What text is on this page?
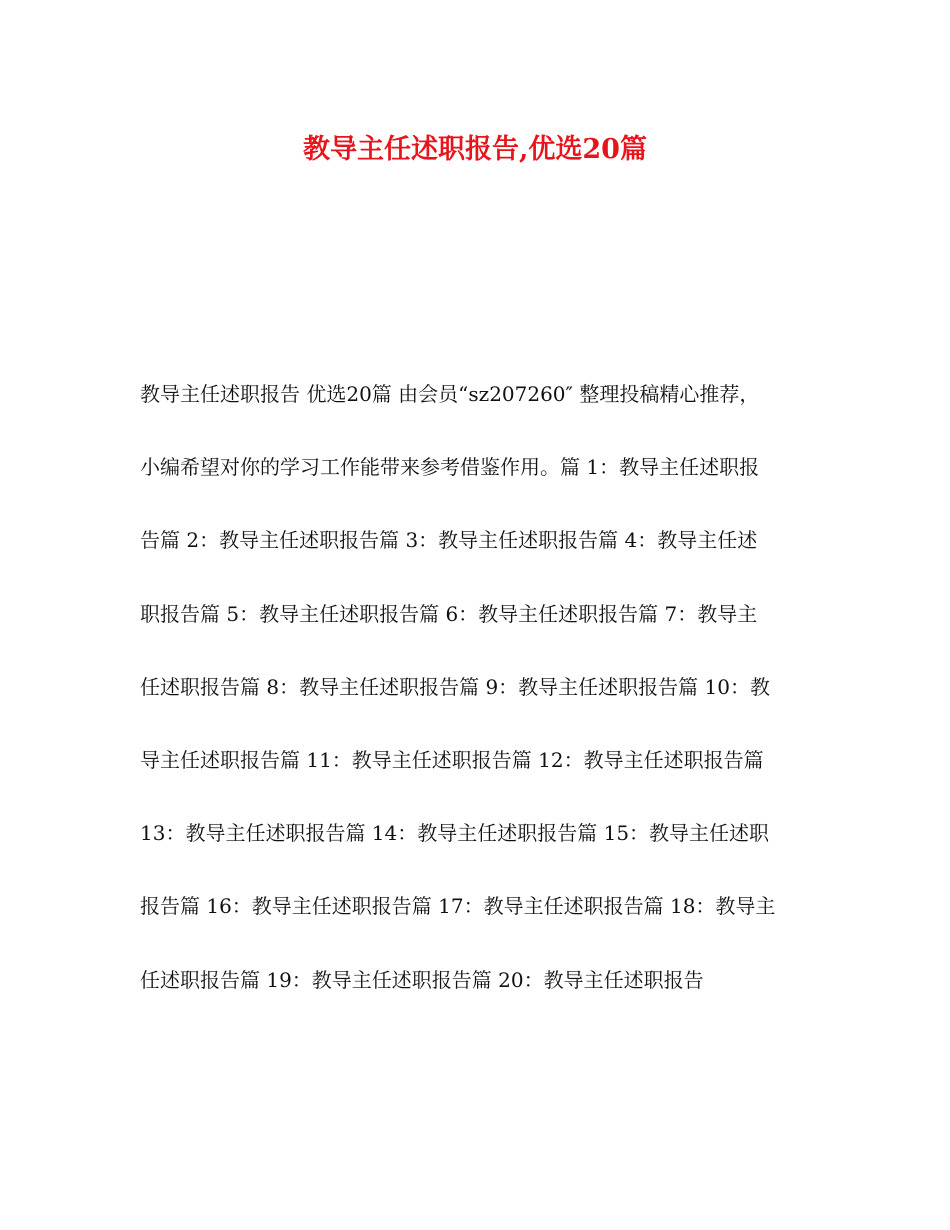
教导主任述职报告,优选20篇
教导主任述职报告 优选20篇 由会员“sz207260″ 整理投稿精心推荐，
小编希望对你的学习工作能带来参考借鉴作用。篇 1：教导主任述职报
告篇 2：教导主任述职报告篇 3：教导主任述职报告篇 4：教导主任述
职报告篇 5：教导主任述职报告篇 6：教导主任述职报告篇 7：教导主
任述职报告篇 8：教导主任述职报告篇 9：教导主任述职报告篇 10：教
导主任述职报告篇 11：教导主任述职报告篇 12：教导主任述职报告篇
13：教导主任述职报告篇 14：教导主任述职报告篇 15：教导主任述职
报告篇 16：教导主任述职报告篇 17：教导主任述职报告篇 18：教导主
任述职报告篇 19：教导主任述职报告篇 20：教导主任述职报告
